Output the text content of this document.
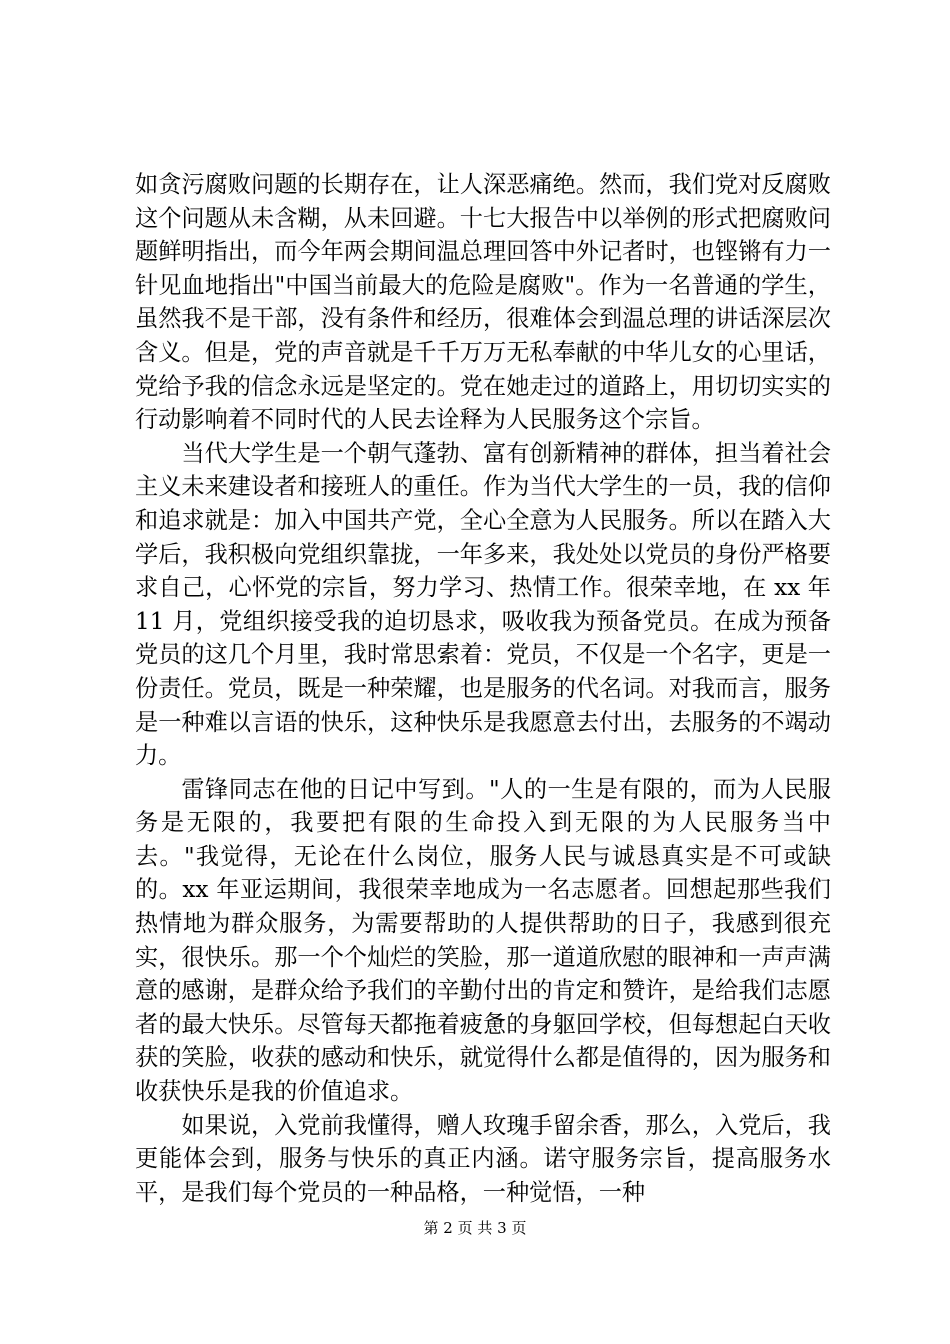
如贪污腐败问题的长期存在，让人深恶痛绝。然而，我们党对反腐败这个问题从未含糊，从未回避。十七大报告中以举例的形式把腐败问题鲜明指出，而今年两会期间温总理回答中外记者时，也铿锵有力一针见血地指出"中国当前最大的危险是腐败"。作为一名普通的学生，虽然我不是干部，没有条件和经历，很难体会到温总理的讲话深层次含义。但是，党的声音就是千千万万无私奉献的中华儿女的心里话，党给予我的信念永远是坚定的。党在她走过的道路上，用切切实实的行动影响着不同时代的人民去诠释为人民服务这个宗旨。

当代大学生是一个朝气蓬勃、富有创新精神的群体，担当着社会主义未来建设者和接班人的重任。作为当代大学生的一员，我的信仰和追求就是：加入中国共产党，全心全意为人民服务。所以在踏入大学后，我积极向党组织靠拢，一年多来，我处处以党员的身份严格要求自己，心怀党的宗旨，努力学习、热情工作。很荣幸地，在 xx 年 11 月，党组织接受我的迫切恳求，吸收我为预备党员。在成为预备党员的这几个月里，我时常思索着：党员，不仅是一个名字，更是一份责任。党员，既是一种荣耀，也是服务的代名词。对我而言，服务是一种难以言语的快乐，这种快乐是我愿意去付出，去服务的不竭动力。

雷锋同志在他的日记中写到。"人的一生是有限的，而为人民服务是无限的，我要把有限的生命投入到无限的为人民服务当中去。"我觉得，无论在什么岗位，服务人民与诚恳真实是不可或缺的。xx 年亚运期间，我很荣幸地成为一名志愿者。回想起那些我们热情地为群众服务，为需要帮助的人提供帮助的日子，我感到很充实，很快乐。那一个个灿烂的笑脸，那一道道欣慰的眼神和一声声满意的感谢，是群众给予我们的辛勤付出的肯定和赞许，是给我们志愿者的最大快乐。尽管每天都拖着疲惫的身躯回学校，但每想起白天收获的笑脸，收获的感动和快乐，就觉得什么都是值得的，因为服务和收获快乐是我的价值追求。

如果说，入党前我懂得，赠人玫瑰手留余香，那么，入党后，我更能体会到，服务与快乐的真正内涵。诺守服务宗旨，提高服务水平，是我们每个党员的一种品格，一种觉悟，一种

第 2 页 共 3 页
